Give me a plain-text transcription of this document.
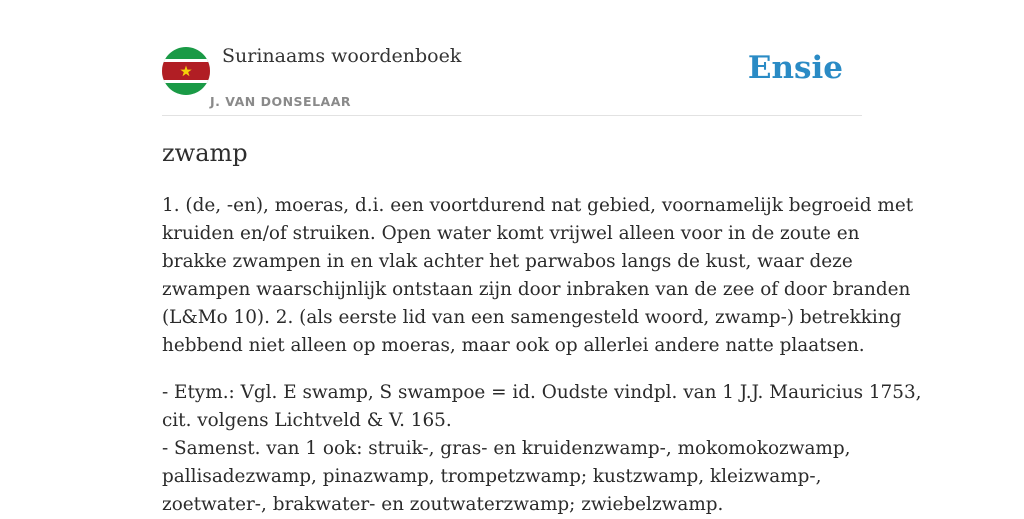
Surinaams woordenboek
J. VAN DONSELAAR
Ensie
zwamp

1. (de, -en), moeras, d.i. een voortdurend nat gebied, voornamelijk begroeid met
kruiden en/of struiken. Open water komt vrijwel alleen voor in de zoute en
brakke zwampen in en vlak achter het parwabos langs de kust, waar deze
zwampen waarschijnlijk ontstaan zijn door inbraken van de zee of door branden
(L&Mo 10). 2. (als eerste lid van een samengesteld woord, zwamp-) betrekking
hebbend niet alleen op moeras, maar ook op allerlei andere natte plaatsen.

- Etym.: Vgl. E swamp, S swampoe = id. Oudste vindpl. van 1 J.J. Mauricius 1753,
cit. volgens Lichtveld & V. 165.
- Samenst. van 1 ook: struik-, gras- en kruidenzwamp-, mokomokozwamp,
pallisadezwamp, pinazwamp, trompetzwamp; kustzwamp, kleizwamp-,
zoetwater-, brakwater- en zoutwaterzwamp; zwiebelzwamp.
